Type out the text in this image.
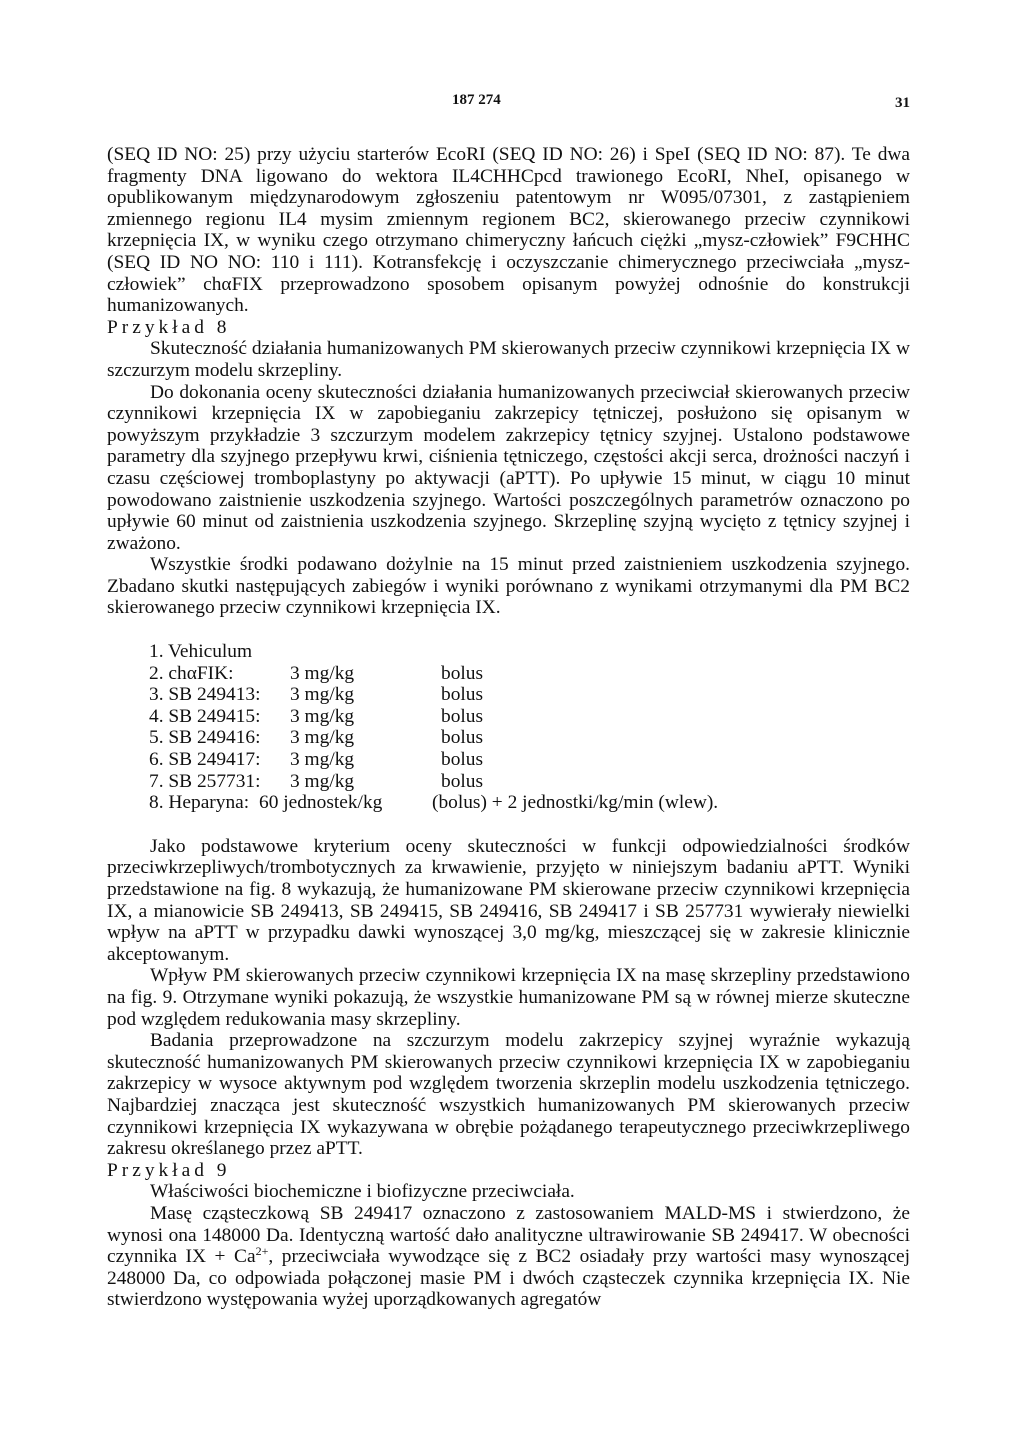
187 274	31

(SEQ ID NO: 25) przy użyciu starterów EcoRI (SEQ ID NO: 26) i SpeI (SEQ ID NO: 87). Te dwa fragmenty DNA ligowano do wektora IL4CHHCpcd trawionego EcoRI, NheI, opisanego w opublikowanym międzynarodowym zgłoszeniu patentowym nr W095/07301, z zastąpieniem zmiennego regionu IL4 mysim zmiennym regionem BC2, skierowanego przeciw czynnikowi krzepnięcia IX, w wyniku czego otrzymano chimeryczny łańcuch ciężki „mysz-człowiek” F9CHHC (SEQ ID NO NO: 110 i 111). Kotransfekcję i oczyszczanie chimerycznego przeciwciała „mysz-człowiek” chαFIX przeprowadzono sposobem opisanym powyżej odnośnie do konstrukcji humanizowanych.

Przykład 8

Skuteczność działania humanizowanych PM skierowanych przeciw czynnikowi krzepnięcia IX w szczurzym modelu skrzepliny.

Do dokonania oceny skuteczności działania humanizowanych przeciwciał skierowanych przeciw czynnikowi krzepnięcia IX w zapobieganiu zakrzepicy tętniczej, posłużono się opisanym w powyższym przykładzie 3 szczurzym modelem zakrzepicy tętnicy szyjnej. Ustalono podstawowe parametry dla szyjnego przepływu krwi, ciśnienia tętniczego, częstości akcji serca, drożności naczyń i czasu częściowej tromboplastyny po aktywacji (aPTT). Po upływie 15 minut, w ciągu 10 minut powodowano zaistnienie uszkodzenia szyjnego. Wartości poszczególnych parametrów oznaczono po upływie 60 minut od zaistnienia uszkodzenia szyjnego. Skrzeplinę szyjną wycięto z tętnicy szyjnej i zważono.

Wszystkie środki podawano dożylnie na 15 minut przed zaistnieniem uszkodzenia szyjnego. Zbadano skutki następujących zabiegów i wyniki porównano z wynikami otrzymanymi dla PM BC2 skierowanego przeciw czynnikowi krzepnięcia IX.

1. Vehiculum
2. chαFIK:	3 mg/kg	bolus
3. SB 249413: 3 mg/kg	bolus
4. SB 249415: 3 mg/kg	bolus
5. SB 249416: 3 mg/kg	bolus
6. SB 249417: 3 mg/kg	bolus
7. SB 257731: 3 mg/kg	bolus
8. Heparyna: 60 jednostek/kg	(bolus) + 2 jednostki/kg/min (wlew).

Jako podstawowe kryterium oceny skuteczności w funkcji odpowiedzialności środków przeciwkrzepliwych/trombotycznych za krwawienie, przyjęto w niniejszym badaniu aPTT. Wyniki przedstawione na fig. 8 wykazują, że humanizowane PM skierowane przeciw czynnikowi krzepnięcia IX, a mianowicie SB 249413, SB 249415, SB 249416, SB 249417 i SB 257731 wywierały niewielki wpływ na aPTT w przypadku dawki wynoszącej 3,0 mg/kg, mieszczącej się w zakresie klinicznie akceptowanym.

Wpływ PM skierowanych przeciw czynnikowi krzepnięcia IX na masę skrzepliny przedstawiono na fig. 9. Otrzymane wyniki pokazują, że wszystkie humanizowane PM są w równej mierze skuteczne pod względem redukowania masy skrzepliny.

Badania przeprowadzone na szczurzym modelu zakrzepicy szyjnej wyraźnie wykazują skuteczność humanizowanych PM skierowanych przeciw czynnikowi krzepnięcia IX w zapobieganiu zakrzepicy w wysoce aktywnym pod względem tworzenia skrzeplin modelu uszkodzenia tętniczego. Najbardziej znacząca jest skuteczność wszystkich humanizowanych PM skierowanych przeciw czynnikowi krzepnięcia IX wykazywana w obrębie pożądanego terapeutycznego przeciwkrzepliwego zakresu określanego przez aPTT.

Przykład 9

Właściwości biochemiczne i biofizyczne przeciwciała.

Masę cząsteczkową SB 249417 oznaczono z zastosowaniem MALD-MS i stwierdzono, że wynosi ona 148000 Da. Identyczną wartość dało analityczne ultrawirowanie SB 249417. W obecności czynnika IX + $Ca^{2+}$, przeciwciała wywodzące się z BC2 osiadały przy wartości masy wynoszącej 248000 Da, co odpowiada połączonej masie PM i dwóch cząsteczek czynnika krzepnięcia IX. Nie stwierdzono występowania wyżej uporządkowanych agregatów
